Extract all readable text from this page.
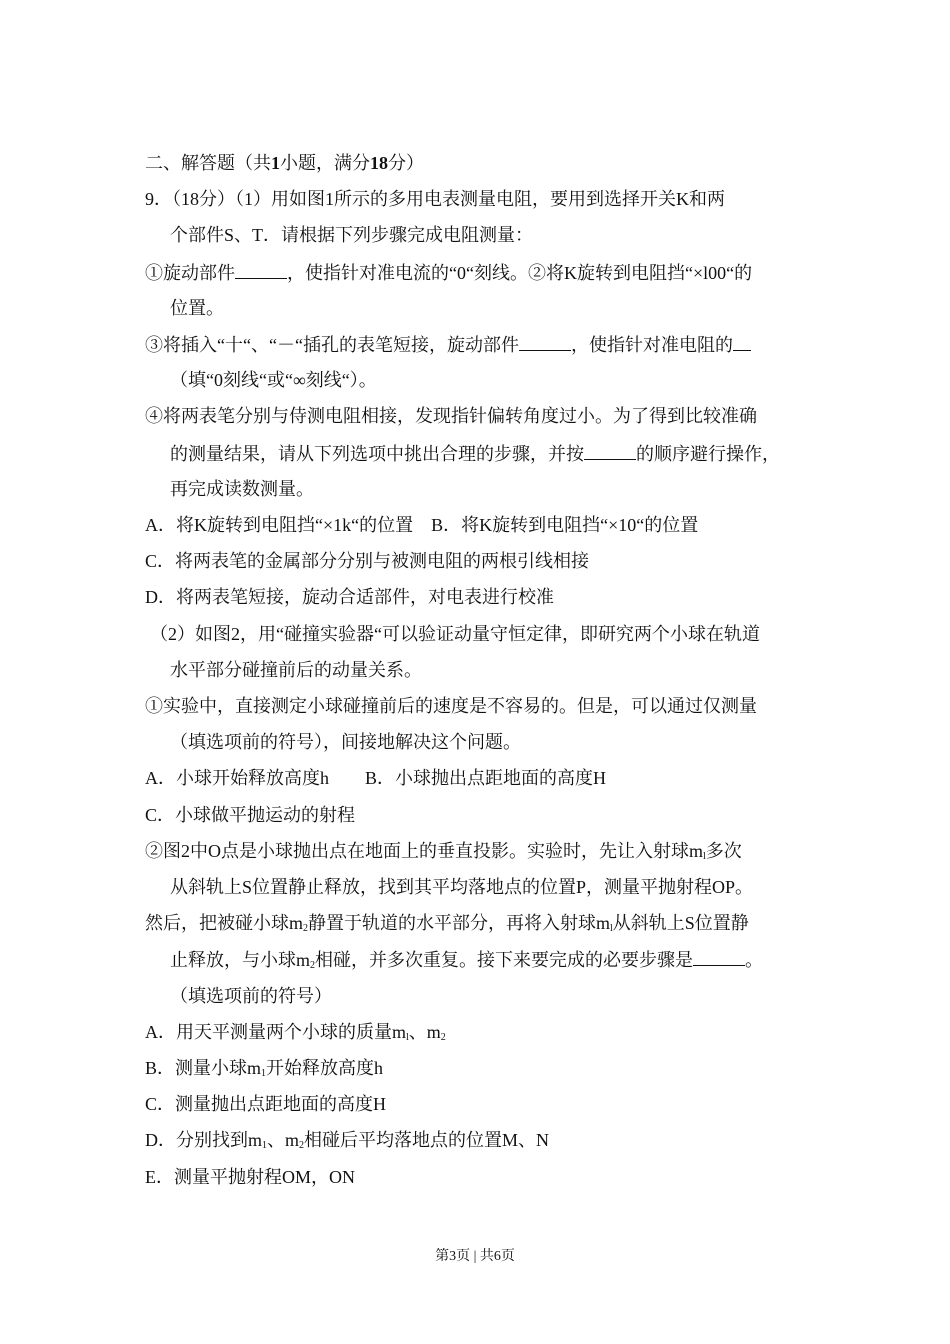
二、解答题（共1小题，满分18分）
9．（18分）（1）用如图1所示的多用电表测量电阻，要用到选择开关K和两
个部件S、T．请根据下列步骤完成电阻测量：
①旋动部件	，使指针对准电流的“0“刻线。②将K旋转到电阻挡“×l00“的
位置。
③将插入“十“、“－“插孔的表笔短接，旋动部件	，使指针对准电阻的
（填“0刻线“或“∞刻线“）。
④将两表笔分别与侍测电阻相接，发现指针偏转角度过小。为了得到比较准确
的测量结果，请从下列选项中挑出合理的步骤，并按	的顺序避行操作，
再完成读数测量。
A．将K旋转到电阻挡“×1k“的位置　B．将K旋转到电阻挡“×10“的位置
C．将两表笔的金属部分分别与被测电阻的两根引线相接
D．将两表笔短接，旋动合适部件，对电表进行校准
（2）如图2，用“碰撞实验器“可以验证动量守恒定律，即研究两个小球在轨道
水平部分碰撞前后的动量关系。
①实验中，直接测定小球碰撞前后的速度是不容易的。但是，可以通过仅测量
（填选项前的符号），间接地解决这个问题。
A．小球开始释放高度h　　B．小球抛出点距地面的高度H
C．小球做平抛运动的射程
②图2中O点是小球抛出点在地面上的垂直投影。实验时，先让入射球$m_l$多次
从斜轨上S位置静止释放，找到其平均落地点的位置P，测量平抛射程OP。
然后，把被碰小球$m_2$静置于轨道的水平部分，再将入射球$m_l$从斜轨上S位置静
止释放，与小球$m_2$相碰，并多次重复。接下来要完成的必要步骤是	。
（填选项前的符号）
A．用天平测量两个小球的质量$m_l$、$m_2$
B．测量小球$m_1$开始释放高度h
C．测量抛出点距地面的高度H
D．分别找到$m_1$、$m_2$相碰后平均落地点的位置M、N
E．测量平抛射程OM，ON
第3页 | 共6页
